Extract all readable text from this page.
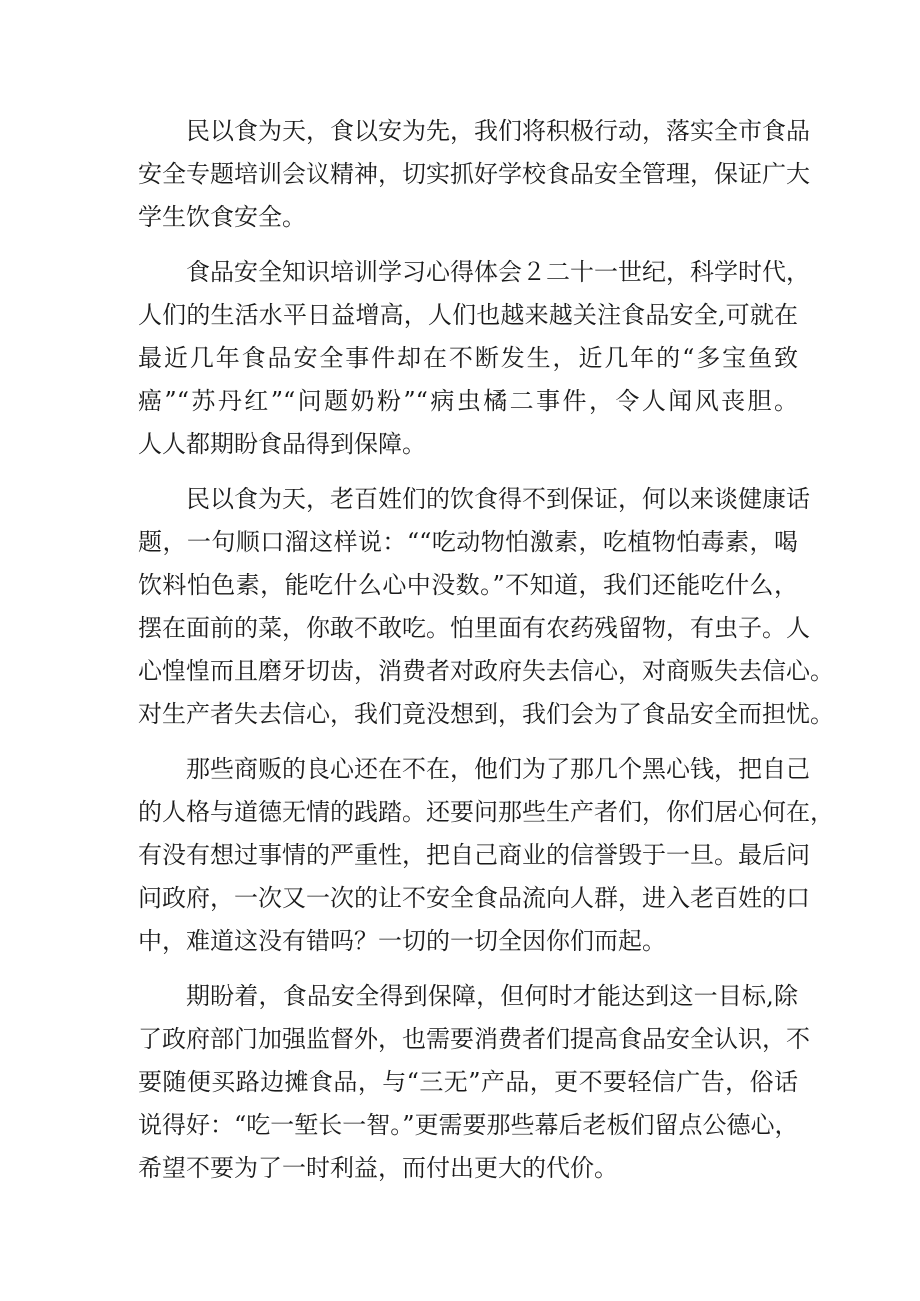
民以食为天，食以安为先，我们将积极行动，落实全市食品
安全专题培训会议精神，切实抓好学校食品安全管理，保证广大
学生饮食安全。
食品安全知识培训学习心得体会２二十一世纪，科学时代，
人们的生活水平日益增高，人们也越来越关注食品安全,可就在
最近几年食品安全事件却在不断发生，近几年的“多宝鱼致
癌”“苏丹红”“问题奶粉”“病虫橘二事件，令人闻风丧胆。
人人都期盼食品得到保障。
民以食为天，老百姓们的饮食得不到保证，何以来谈健康话
题，一句顺口溜这样说：““吃动物怕激素，吃植物怕毒素，喝
饮料怕色素，能吃什么心中没数。”不知道，我们还能吃什么，
摆在面前的菜，你敢不敢吃。怕里面有农药残留物，有虫子。人
心惶惶而且磨牙切齿，消费者对政府失去信心，对商贩失去信心。
对生产者失去信心，我们竟没想到，我们会为了食品安全而担忧。
那些商贩的良心还在不在，他们为了那几个黑心钱，把自己
的人格与道德无情的践踏。还要问那些生产者们，你们居心何在，
有没有想过事情的严重性，把自己商业的信誉毁于一旦。最后问
问政府，一次又一次的让不安全食品流向人群，进入老百姓的口
中，难道这没有错吗？一切的一切全因你们而起。
期盼着，食品安全得到保障，但何时才能达到这一目标,除
了政府部门加强监督外，也需要消费者们提高食品安全认识，不
要随便买路边摊食品，与“三无”产品，更不要轻信广告，俗话
说得好：“吃一堑长一智。”更需要那些幕后老板们留点公德心，
希望不要为了一时利益，而付出更大的代价。
